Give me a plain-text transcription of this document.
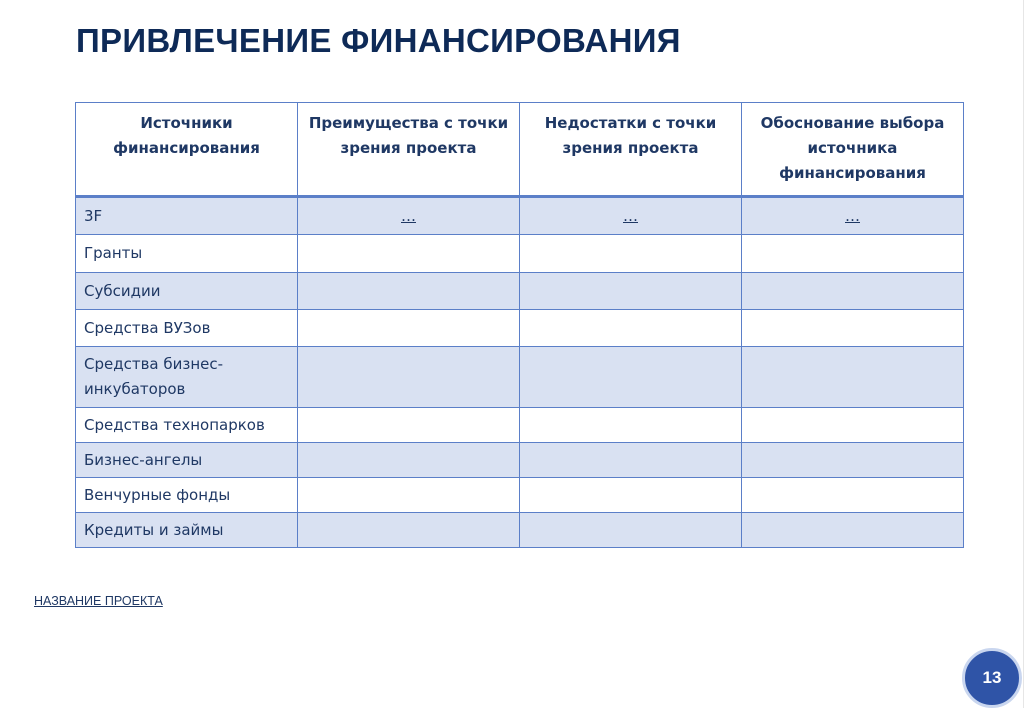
ПРИВЛЕЧЕНИЕ ФИНАНСИРОВАНИЯ
Источники финансирования	Преимущества с точки зрения проекта	Недостатки с точки зрения проекта	Обоснование выбора источника финансирования
3F	…	…	…
Гранты			
Субсидии			
Средства ВУЗов			
Средства бизнес-инкубаторов			
Средства технопарков			
Бизнес-ангелы			
Венчурные фонды			
Кредиты и займы			
НАЗВАНИЕ ПРОЕКТА
13
